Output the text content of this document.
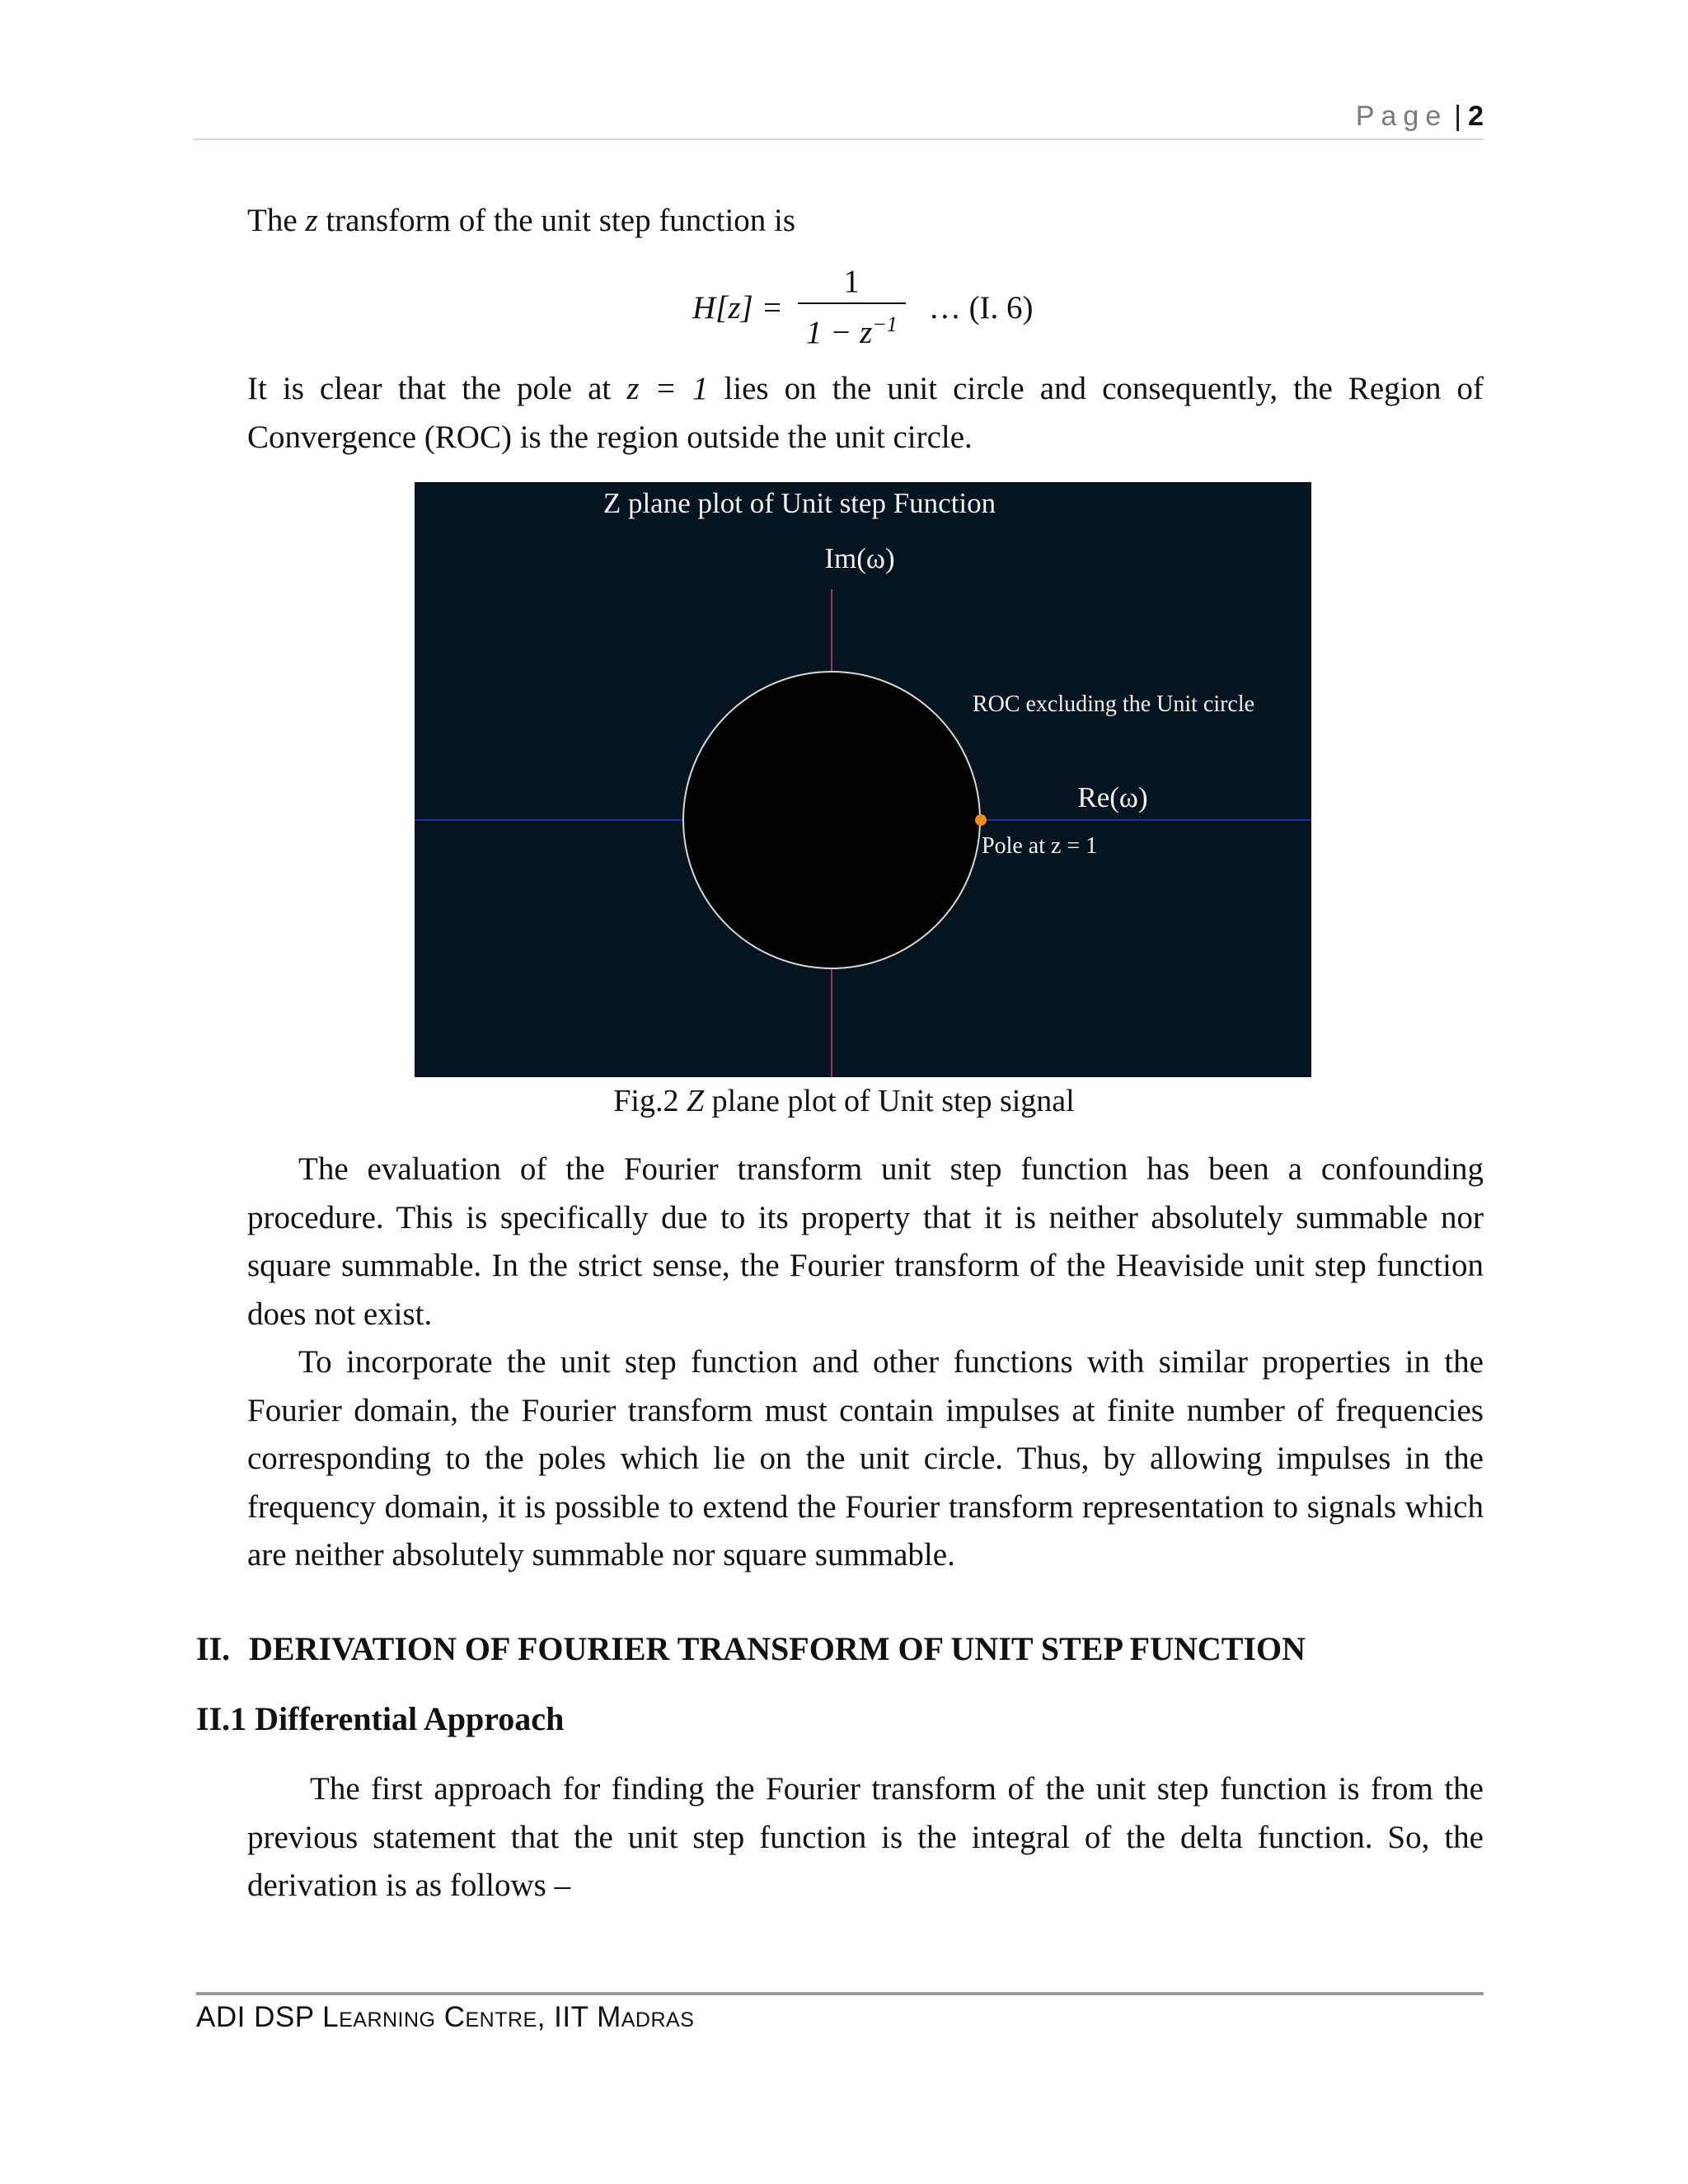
Page | 2

The z transform of the unit step function is

$H[z] = \frac{1}{1 - z^{-1}}$ … (I. 6)

It is clear that the pole at z = 1 lies on the unit circle and consequently, the Region of Convergence (ROC) is the region outside the unit circle.

Z plane plot of Unit step Function
Im(ω)
Re(ω)
ROC excluding the Unit circle
Pole at z = 1
Fig.2 Z plane plot of Unit step signal

The evaluation of the Fourier transform unit step function has been a confounding procedure. This is specifically due to its property that it is neither absolutely summable nor square summable. In the strict sense, the Fourier transform of the Heaviside unit step function does not exist.

To incorporate the unit step function and other functions with similar properties in the Fourier domain, the Fourier transform must contain impulses at finite number of frequencies corresponding to the poles which lie on the unit circle. Thus, by allowing impulses in the frequency domain, it is possible to extend the Fourier transform representation to signals which are neither absolutely summable nor square summable.

II. DERIVATION OF FOURIER TRANSFORM OF UNIT STEP FUNCTION
II.1 Differential Approach

The first approach for finding the Fourier transform of the unit step function is from the previous statement that the unit step function is the integral of the delta function. So, the derivation is as follows –

ADI DSP Learning Centre, IIT Madras
